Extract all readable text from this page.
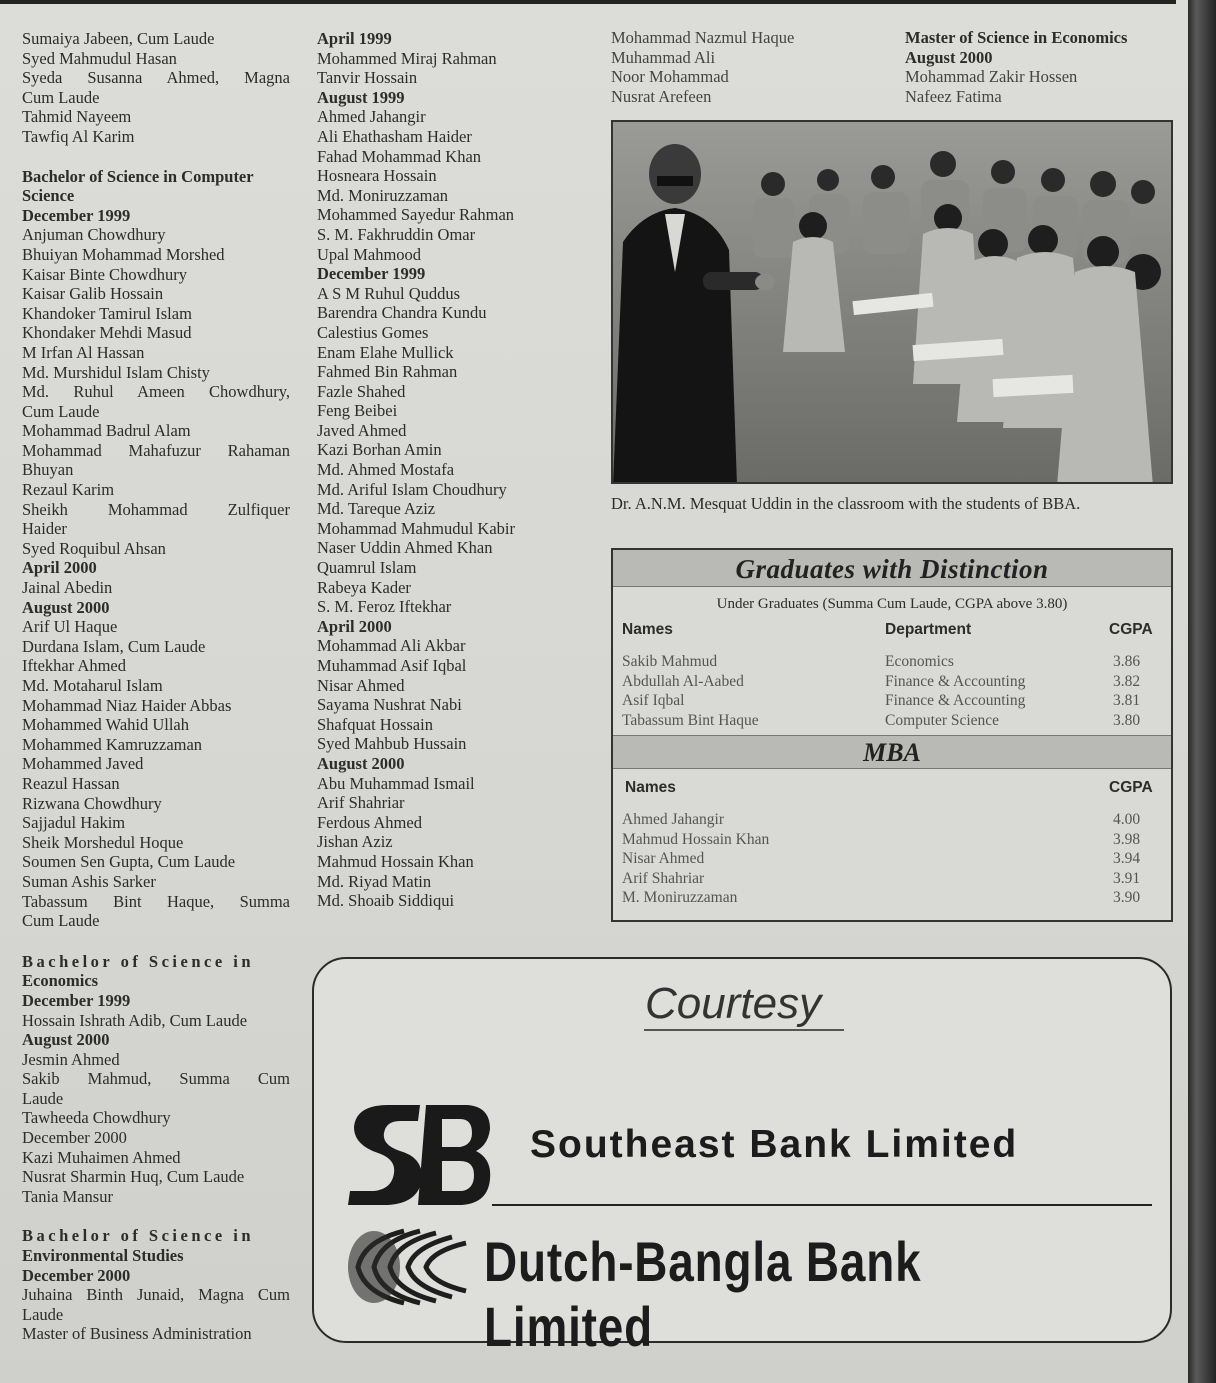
Sumaiya Jabeen, Cum Laude
Syed Mahmudul Hasan
Syeda Susanna Ahmed, Magna
Cum Laude
Tahmid Nayeem
Tawfiq Al Karim
Bachelor of Science in Computer
Science
December 1999
Anjuman Chowdhury
Bhuiyan Mohammad Morshed
Kaisar Binte Chowdhury
Kaisar Galib Hossain
Khandoker Tamirul Islam
Khondaker Mehdi Masud
M Irfan Al Hassan
Md. Murshidul Islam Chisty
Md. Ruhul Ameen Chowdhury,
Cum Laude
Mohammad Badrul Alam
Mohammad Mahafuzur Rahaman
Bhuyan
Rezaul Karim
Sheikh Mohammad Zulfiquer
Haider
Syed Roquibul Ahsan
April 2000
Jainal Abedin
August 2000
Arif Ul Haque
Durdana Islam, Cum Laude
Iftekhar Ahmed
Md. Motaharul Islam
Mohammad Niaz Haider Abbas
Mohammed Wahid Ullah
Mohammed Kamruzzaman
Mohammed Javed
Reazul Hassan
Rizwana Chowdhury
Sajjadul Hakim
Sheik Morshedul Hoque
Soumen Sen Gupta, Cum Laude
Suman Ashis Sarker
Tabassum Bint Haque, Summa
Cum Laude
Bachelor of Science in
Economics
December 1999
Hossain Ishrath Adib, Cum Laude
August 2000
Jesmin Ahmed
Sakib Mahmud, Summa Cum
Laude
Tawheeda Chowdhury
December 2000
Kazi Muhaimen Ahmed
Nusrat Sharmin Huq, Cum Laude
Tania Mansur
Bachelor of Science in
Environmental Studies
December 2000
Juhaina Binth Junaid, Magna Cum
Laude
Master of Business Administration
April 1999
Mohammed Miraj Rahman
Tanvir Hossain
August 1999
Ahmed Jahangir
Ali Ehathasham Haider
Fahad Mohammad Khan
Hosneara Hossain
Md. Moniruzzaman
Mohammed Sayedur Rahman
S. M. Fakhruddin Omar
Upal Mahmood
December 1999
A S M Ruhul Quddus
Barendra Chandra Kundu
Calestius Gomes
Enam Elahe Mullick
Fahmed Bin Rahman
Fazle Shahed
Feng Beibei
Javed Ahmed
Kazi Borhan Amin
Md. Ahmed Mostafa
Md. Ariful Islam Choudhury
Md. Tareque Aziz
Mohammad Mahmudul Kabir
Naser Uddin Ahmed Khan
Quamrul Islam
Rabeya Kader
S. M. Feroz Iftekhar
April 2000
Mohammad Ali Akbar
Muhammad Asif Iqbal
Nisar Ahmed
Sayama Nushrat Nabi
Shafquat Hossain
Syed Mahbub Hussain
August 2000
Abu Muhammad Ismail
Arif Shahriar
Ferdous Ahmed
Jishan Aziz
Mahmud Hossain Khan
Md. Riyad Matin
Md. Shoaib Siddiqui
Mohammad Nazmul Haque
Muhammad Ali
Noor Mohammad
Nusrat Arefeen
Master of Science in Economics
August 2000
Mohammad Zakir Hossen
Nafeez Fatima
Dr. A.N.M. Mesquat Uddin in the classroom with the students of BBA.
Graduates with Distinction
Under Graduates (Summa Cum Laude, CGPA above 3.80)
Names	Department	CGPA
Sakib Mahmud	Economics	3.86
Abdullah Al-Aabed	Finance & Accounting	3.82
Asif Iqbal	Finance & Accounting	3.81
Tabassum Bint Haque	Computer Science	3.80
MBA
Names	CGPA
Ahmed Jahangir	4.00
Mahmud Hossain Khan	3.98
Nisar Ahmed	3.94
Arif Shahriar	3.91
M. Moniruzzaman	3.90
Courtesy
Southeast Bank Limited
Dutch-Bangla Bank Limited
